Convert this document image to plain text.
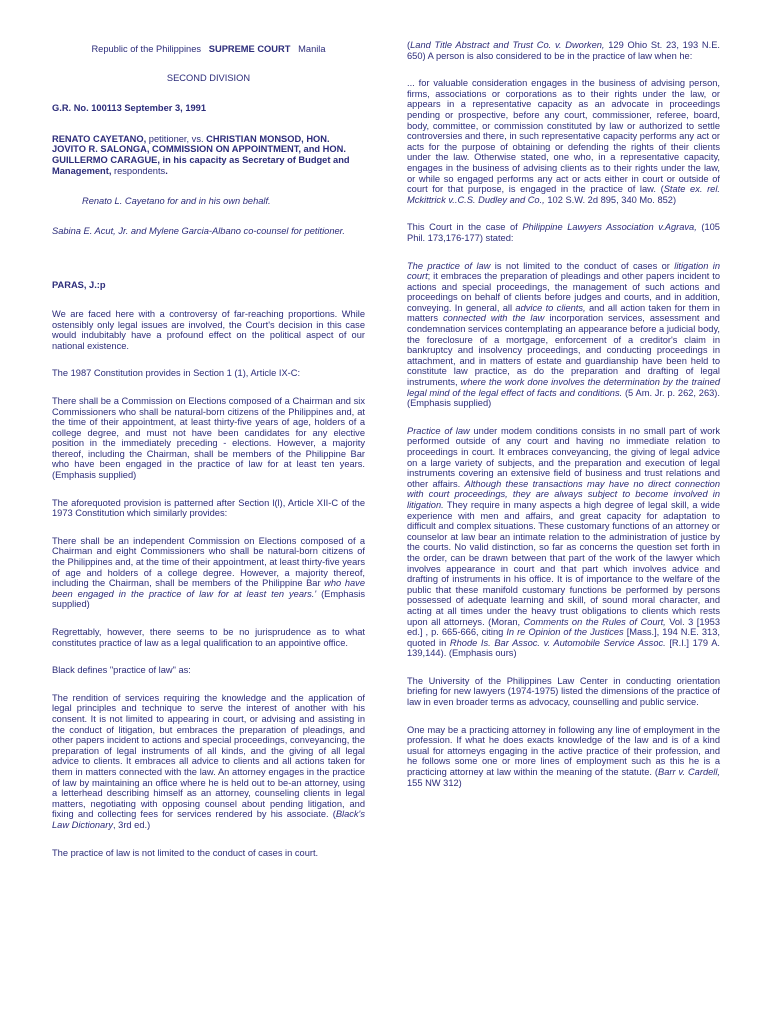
Republic of the Philippines SUPREME COURT Manila

SECOND DIVISION

G.R. No. 100113 September 3, 1991

RENATO CAYETANO, petitioner, vs. CHRISTIAN MONSOD, HON. JOVITO R. SALONGA, COMMISSION ON APPOINTMENT, and HON. GUILLERMO CARAGUE, in his capacity as Secretary of Budget and Management, respondents.

Renato L. Cayetano for and in his own behalf.

Sabina E. Acut, Jr. and Mylene Garcia-Albano co-counsel for petitioner.

PARAS, J.:p

We are faced here with a controversy of far-reaching proportions. While ostensibly only legal issues are involved, the Court's decision in this case would indubitably have a profound effect on the political aspect of our national existence.

The 1987 Constitution provides in Section 1 (1), Article IX-C:

There shall be a Commission on Elections composed of a Chairman and six Commissioners who shall be natural-born citizens of the Philippines and, at the time of their appointment, at least thirty-five years of age, holders of a college degree, and must not have been candidates for any elective position in the immediately preceding - elections. However, a majority thereof, including the Chairman, shall be members of the Philippine Bar who have been engaged in the practice of law for at least ten years. (Emphasis supplied)

The aforequoted provision is patterned after Section l(l), Article XII-C of the 1973 Constitution which similarly provides:

There shall be an independent Commission on Elections composed of a Chairman and eight Commissioners who shall be natural-born citizens of the Philippines and, at the time of their appointment, at least thirty-five years of age and holders of a college degree. However, a majority thereof, including the Chairman, shall be members of the Philippine Bar who have been engaged in the practice of law for at least ten years.' (Emphasis supplied)

Regrettably, however, there seems to be no jurisprudence as to what constitutes practice of law as a legal qualification to an appointive office.

Black defines "practice of law" as:

The rendition of services requiring the knowledge and the application of legal principles and technique to serve the interest of another with his consent. It is not limited to appearing in court, or advising and assisting in the conduct of litigation, but embraces the preparation of pleadings, and other papers incident to actions and special proceedings, conveyancing, the preparation of legal instruments of all kinds, and the giving of all legal advice to clients. It embraces all advice to clients and all actions taken for them in matters connected with the law. An attorney engages in the practice of law by maintaining an office where he is held out to be-an attorney, using a letterhead describing himself as an attorney, counseling clients in legal matters, negotiating with opposing counsel about pending litigation, and fixing and collecting fees for services rendered by his associate. (Black's Law Dictionary, 3rd ed.)

The practice of law is not limited to the conduct of cases in court.

(Land Title Abstract and Trust Co. v. Dworken, 129 Ohio St. 23, 193 N.E. 650) A person is also considered to be in the practice of law when he:

... for valuable consideration engages in the business of advising person, firms, associations or corporations as to their rights under the law, or appears in a representative capacity as an advocate in proceedings pending or prospective, before any court, commissioner, referee, board, body, committee, or commission constituted by law or authorized to settle controversies and there, in such representative capacity performs any act or acts for the purpose of obtaining or defending the rights of their clients under the law. Otherwise stated, one who, in a representative capacity, engages in the business of advising clients as to their rights under the law, or while so engaged performs any act or acts either in court or outside of court for that purpose, is engaged in the practice of law. (State ex. rel. Mckittrick v..C.S. Dudley and Co., 102 S.W. 2d 895, 340 Mo. 852)

This Court in the case of Philippine Lawyers Association v.Agrava, (105 Phil. 173,176-177) stated:

The practice of law is not limited to the conduct of cases or litigation in court; it embraces the preparation of pleadings and other papers incident to actions and special proceedings, the management of such actions and proceedings on behalf of clients before judges and courts, and in addition, conveying. In general, all advice to clients, and all action taken for them in matters connected with the law incorporation services, assessment and condemnation services contemplating an appearance before a judicial body, the foreclosure of a mortgage, enforcement of a creditor's claim in bankruptcy and insolvency proceedings, and conducting proceedings in attachment, and in matters of estate and guardianship have been held to constitute law practice, as do the preparation and drafting of legal instruments, where the work done involves the determination by the trained legal mind of the legal effect of facts and conditions. (5 Am. Jr. p. 262, 263). (Emphasis supplied)

Practice of law under modem conditions consists in no small part of work performed outside of any court and having no immediate relation to proceedings in court. It embraces conveyancing, the giving of legal advice on a large variety of subjects, and the preparation and execution of legal instruments covering an extensive field of business and trust relations and other affairs. Although these transactions may have no direct connection with court proceedings, they are always subject to become involved in litigation. They require in many aspects a high degree of legal skill, a wide experience with men and affairs, and great capacity for adaptation to difficult and complex situations. These customary functions of an attorney or counselor at law bear an intimate relation to the administration of justice by the courts. No valid distinction, so far as concerns the question set forth in the order, can be drawn between that part of the work of the lawyer which involves appearance in court and that part which involves advice and drafting of instruments in his office. It is of importance to the welfare of the public that these manifold customary functions be performed by persons possessed of adequate learning and skill, of sound moral character, and acting at all times under the heavy trust obligations to clients which rests upon all attorneys. (Moran, Comments on the Rules of Court, Vol. 3 [1953 ed.] , p. 665-666, citing In re Opinion of the Justices [Mass.], 194 N.E. 313, quoted in Rhode Is. Bar Assoc. v. Automobile Service Assoc. [R.I.] 179 A. 139,144). (Emphasis ours)

The University of the Philippines Law Center in conducting orientation briefing for new lawyers (1974-1975) listed the dimensions of the practice of law in even broader terms as advocacy, counselling and public service.

One may be a practicing attorney in following any line of employment in the profession. If what he does exacts knowledge of the law and is of a kind usual for attorneys engaging in the active practice of their profession, and he follows some one or more lines of employment such as this he is a practicing attorney at law within the meaning of the statute. (Barr v. Cardell, 155 NW 312)
